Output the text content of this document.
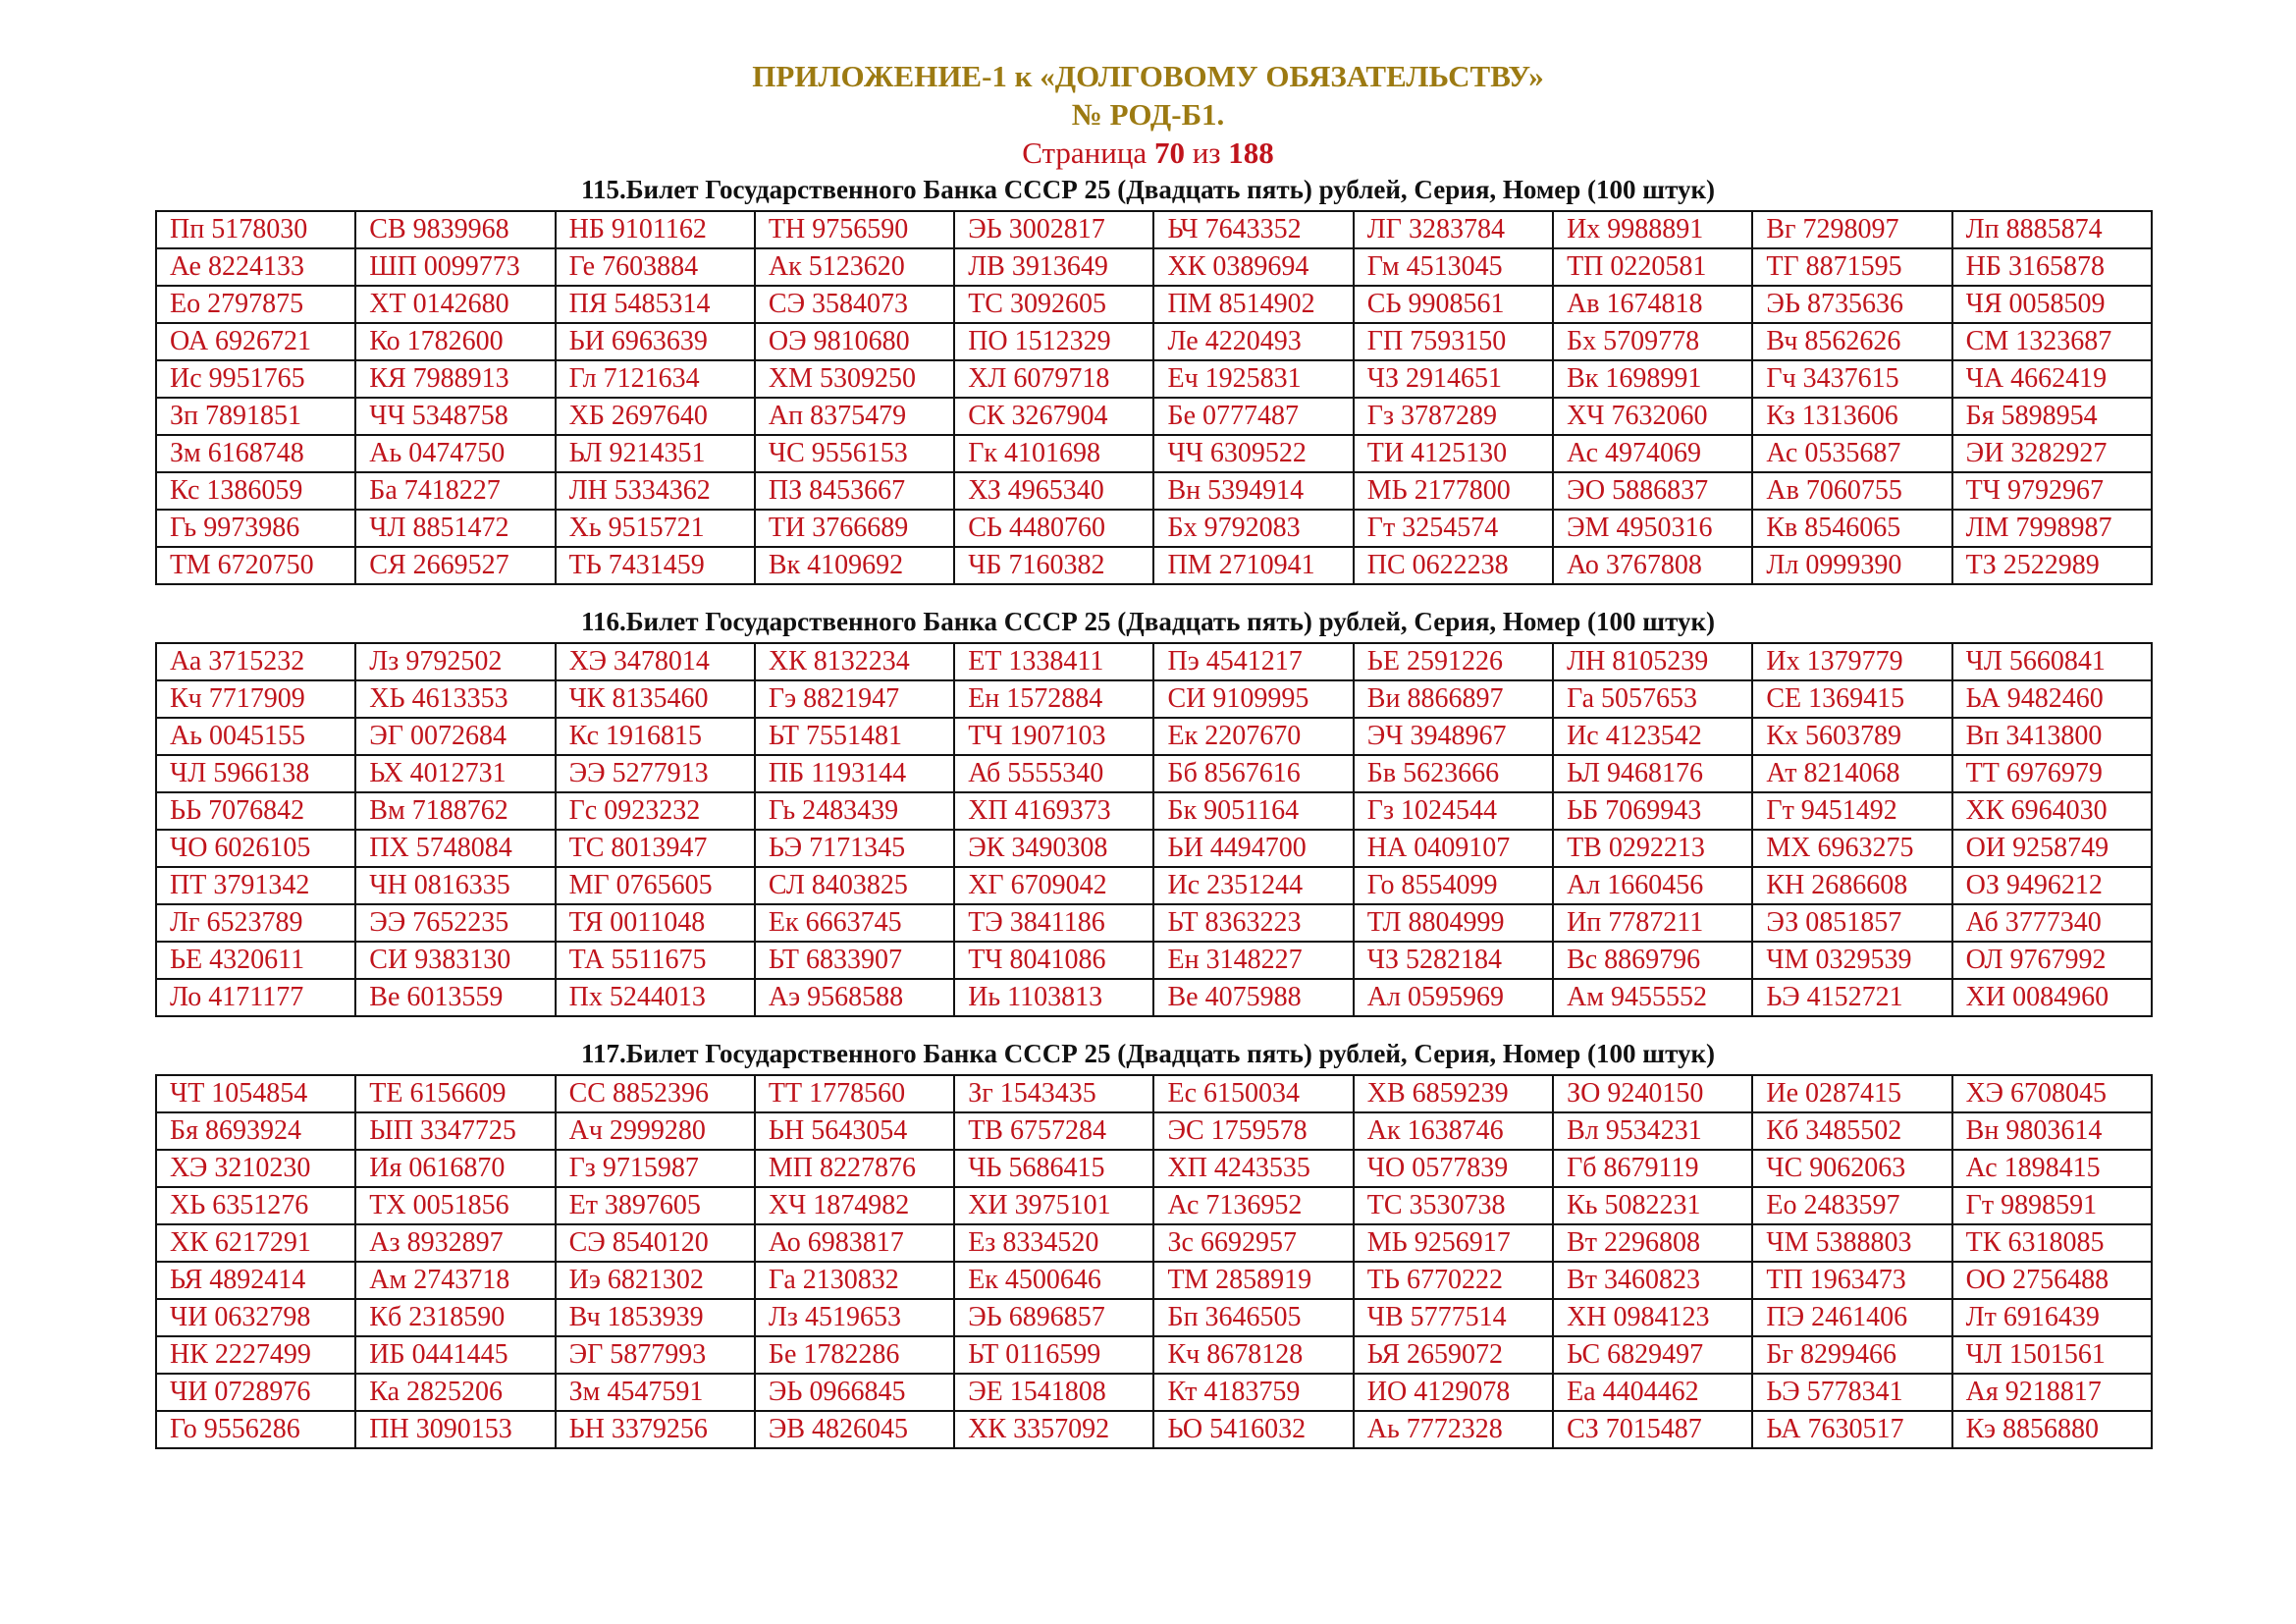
ПРИЛОЖЕНИЕ-1 к «ДОЛГОВОМУ ОБЯЗАТЕЛЬСТВУ»
№ РОД-Б1.
Страница 70 из 188
115.Билет Государственного Банка СССР 25 (Двадцать пять) рублей, Серия, Номер (100 штук)
Пп 5178030	СВ 9839968	НБ 9101162	ТН 9756590	ЭЬ 3002817	ЬЧ 7643352	ЛГ 3283784	Их 9988891	Вг 7298097	Лп 8885874
Ае 8224133	ШП 0099773	Ге 7603884	Ак 5123620	ЛВ 3913649	ХК 0389694	Гм 4513045	ТП 0220581	ТГ 8871595	НБ 3165878
Ео 2797875	ХТ 0142680	ПЯ 5485314	СЭ 3584073	ТС 3092605	ПМ 8514902	СЬ 9908561	Ав 1674818	ЭЬ 8735636	ЧЯ 0058509
ОА 6926721	Ко 1782600	ЬИ 6963639	ОЭ 9810680	ПО 1512329	Ле 4220493	ГП 7593150	Бх 5709778	Вч 8562626	СМ 1323687
Ис 9951765	КЯ 7988913	Гл 7121634	ХМ 5309250	ХЛ 6079718	Еч 1925831	ЧЗ 2914651	Вк 1698991	Гч 3437615	ЧА 4662419
Зп 7891851	ЧЧ 5348758	ХБ 2697640	Ап 8375479	СК 3267904	Бе 0777487	Гз 3787289	ХЧ 7632060	Кз 1313606	Бя 5898954
Зм 6168748	Аь 0474750	ЬЛ 9214351	ЧС 9556153	Гк 4101698	ЧЧ 6309522	ТИ 4125130	Ас 4974069	Ас 0535687	ЭИ 3282927
Кс 1386059	Ба 7418227	ЛН 5334362	ПЗ 8453667	ХЗ 4965340	Вн 5394914	МЬ 2177800	ЭО 5886837	Ав 7060755	ТЧ 9792967
Гь 9973986	ЧЛ 8851472	Хь 9515721	ТИ 3766689	СЬ 4480760	Бх 9792083	Гт 3254574	ЭМ 4950316	Кв 8546065	ЛМ 7998987
ТМ 6720750	СЯ 2669527	ТЬ 7431459	Вк 4109692	ЧБ 7160382	ПМ 2710941	ПС 0622238	Ао 3767808	Лл 0999390	ТЗ 2522989
116.Билет Государственного Банка СССР 25 (Двадцать пять) рублей, Серия, Номер (100 штук)
Аа 3715232	Лз 9792502	ХЭ 3478014	ХК 8132234	ЕТ 1338411	Пэ 4541217	ЬЕ 2591226	ЛН 8105239	Их 1379779	ЧЛ 5660841
Кч 7717909	ХЬ 4613353	ЧК 8135460	Гэ 8821947	Ен 1572884	СИ 9109995	Ви 8866897	Га 5057653	СЕ 1369415	ЬА 9482460
Аь 0045155	ЭГ 0072684	Кс 1916815	ЬТ 7551481	ТЧ 1907103	Ек 2207670	ЭЧ 3948967	Ис 4123542	Кх 5603789	Вп 3413800
ЧЛ 5966138	ЬХ 4012731	ЭЭ 5277913	ПБ 1193144	Аб 5555340	Бб 8567616	Бв 5623666	ЬЛ 9468176	Ат 8214068	ТТ 6976979
ЬЬ 7076842	Вм 7188762	Гс 0923232	Гь 2483439	ХП 4169373	Бк 9051164	Гз 1024544	ЬБ 7069943	Гт 9451492	ХК 6964030
ЧО 6026105	ПХ 5748084	ТС 8013947	ЬЭ 7171345	ЭК 3490308	ЬИ 4494700	НА 0409107	ТВ 0292213	МХ 6963275	ОИ 9258749
ПТ 3791342	ЧН 0816335	МГ 0765605	СЛ 8403825	ХГ 6709042	Ис 2351244	Го 8554099	Ал 1660456	КН 2686608	ОЗ 9496212
Лг 6523789	ЭЭ 7652235	ТЯ 0011048	Ек 6663745	ТЭ 3841186	ЬТ 8363223	ТЛ 8804999	Ип 7787211	ЭЗ 0851857	Аб 3777340
ЬЕ 4320611	СИ 9383130	ТА 5511675	ЬТ 6833907	ТЧ 8041086	Ен 3148227	ЧЗ 5282184	Вс 8869796	ЧМ 0329539	ОЛ 9767992
Ло 4171177	Ве 6013559	Пх 5244013	Аэ 9568588	Иь 1103813	Ве 4075988	Ал 0595969	Ам 9455552	ЬЭ 4152721	ХИ 0084960
117.Билет Государственного Банка СССР 25 (Двадцать пять) рублей, Серия, Номер (100 штук)
ЧТ 1054854	ТЕ 6156609	СС 8852396	ТТ 1778560	Зг 1543435	Ес 6150034	ХВ 6859239	ЗО 9240150	Ие 0287415	ХЭ 6708045
Бя 8693924	ЫП 3347725	Ач 2999280	ЬН 5643054	ТВ 6757284	ЭС 1759578	Ак 1638746	Вл 9534231	Кб 3485502	Вн 9803614
ХЭ 3210230	Ия 0616870	Гз 9715987	МП 8227876	ЧЬ 5686415	ХП 4243535	ЧО 0577839	Гб 8679119	ЧС 9062063	Ас 1898415
ХЬ 6351276	ТХ 0051856	Ет 3897605	ХЧ 1874982	ХИ 3975101	Ас 7136952	ТС 3530738	Кь 5082231	Ео 2483597	Гт 9898591
ХК 6217291	Аз 8932897	СЭ 8540120	Ао 6983817	Ез 8334520	Зс 6692957	МЬ 9256917	Вт 2296808	ЧМ 5388803	ТК 6318085
ЬЯ 4892414	Ам 2743718	Иэ 6821302	Га 2130832	Ек 4500646	ТМ 2858919	ТЬ 6770222	Вт 3460823	ТП 1963473	ОО 2756488
ЧИ 0632798	Кб 2318590	Вч 1853939	Лз 4519653	ЭЬ 6896857	Бп 3646505	ЧВ 5777514	ХН 0984123	ПЭ 2461406	Лт 6916439
НК 2227499	ИБ 0441445	ЭГ 5877993	Бе 1782286	ЬТ 0116599	Кч 8678128	ЬЯ 2659072	ЬС 6829497	Бг 8299466	ЧЛ 1501561
ЧИ 0728976	Ка 2825206	Зм 4547591	ЭЬ 0966845	ЭЕ 1541808	Кт 4183759	ИО 4129078	Еа 4404462	ЬЭ 5778341	Ая 9218817
Го 9556286	ПН 3090153	ЬН 3379256	ЭВ 4826045	ХК 3357092	ЬО 5416032	Аь 7772328	СЗ 7015487	ЬА 7630517	Кэ 8856880
